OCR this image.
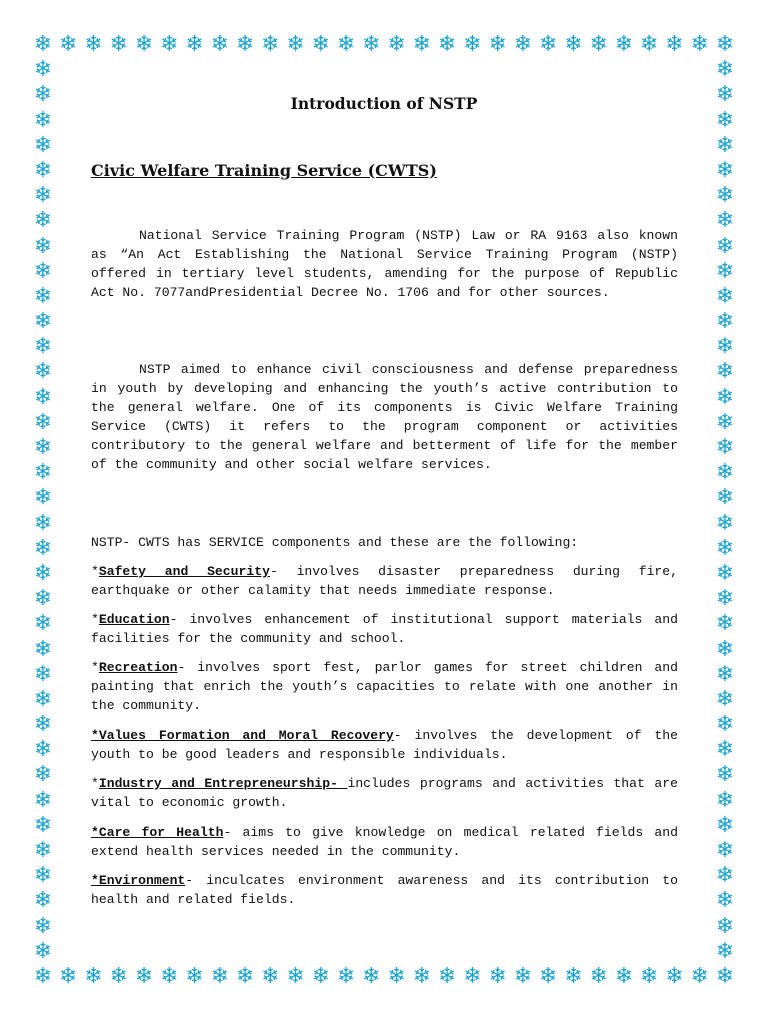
❄
❄
❄
❄
❄
❄
❄
❄
❄
❄
❄
❄
❄
❄
❄
❄
❄
❄
❄
❄
❄
❄
❄
❄
❄
❄
❄
❄
❄
❄
❄
❄
❄
❄
❄
❄
❄
❄
❄
❄
❄
❄
❄
❄
❄
❄
❄
❄
❄
❄
❄
❄
❄
❄
❄
❄
❄	❄
❄	❄
❄	❄
❄	❄
❄	❄
❄	❄
❄	❄
❄	❄
❄	❄
❄	❄
❄	❄
❄	❄
❄	❄
❄	❄
❄	❄
❄	❄
❄	❄
❄	❄
❄	❄
❄	❄
❄	❄
❄	❄
❄	❄
❄	❄
❄	❄
❄	❄
❄	❄
❄	❄
❄	❄
❄	❄
❄	❄
❄	❄
❄	❄
❄	❄
❄	❄
❄	❄
Introduction of NSTP
Civic Welfare Training Service (CWTS)

National Service Training Program (NSTP) Law or RA 9163 also known as “An Act Establishing the National Service Training Program (NSTP) offered in tertiary level students, amending for the purpose of Republic Act No. 7077andPresidential Decree No. 1706 and for other sources.

NSTP aimed to enhance civil consciousness and defense preparedness in youth by developing and enhancing the youth’s active contribution to the general welfare. One of its components is Civic Welfare Training Service (CWTS) it refers to the program component or activities contributory to the general welfare and betterment of life for the member of the community and other social welfare services.

NSTP- CWTS has SERVICE components and these are the following:

*Safety and Security- involves disaster preparedness during fire, earthquake or other calamity that needs immediate response.

*Education- involves enhancement of institutional support materials and facilities for the community and school.

*Recreation- involves sport fest, parlor games for street children and painting that enrich the youth’s capacities to relate with one another in the community.

*Values Formation and Moral Recovery- involves the development of the youth to be good leaders and responsible individuals.

*Industry and Entrepreneurship- includes programs and activities that are vital to economic growth.

*Care for Health- aims to give knowledge on medical related fields and extend health services needed in the community.

*Environment- inculcates environment awareness and its contribution to health and related fields.
